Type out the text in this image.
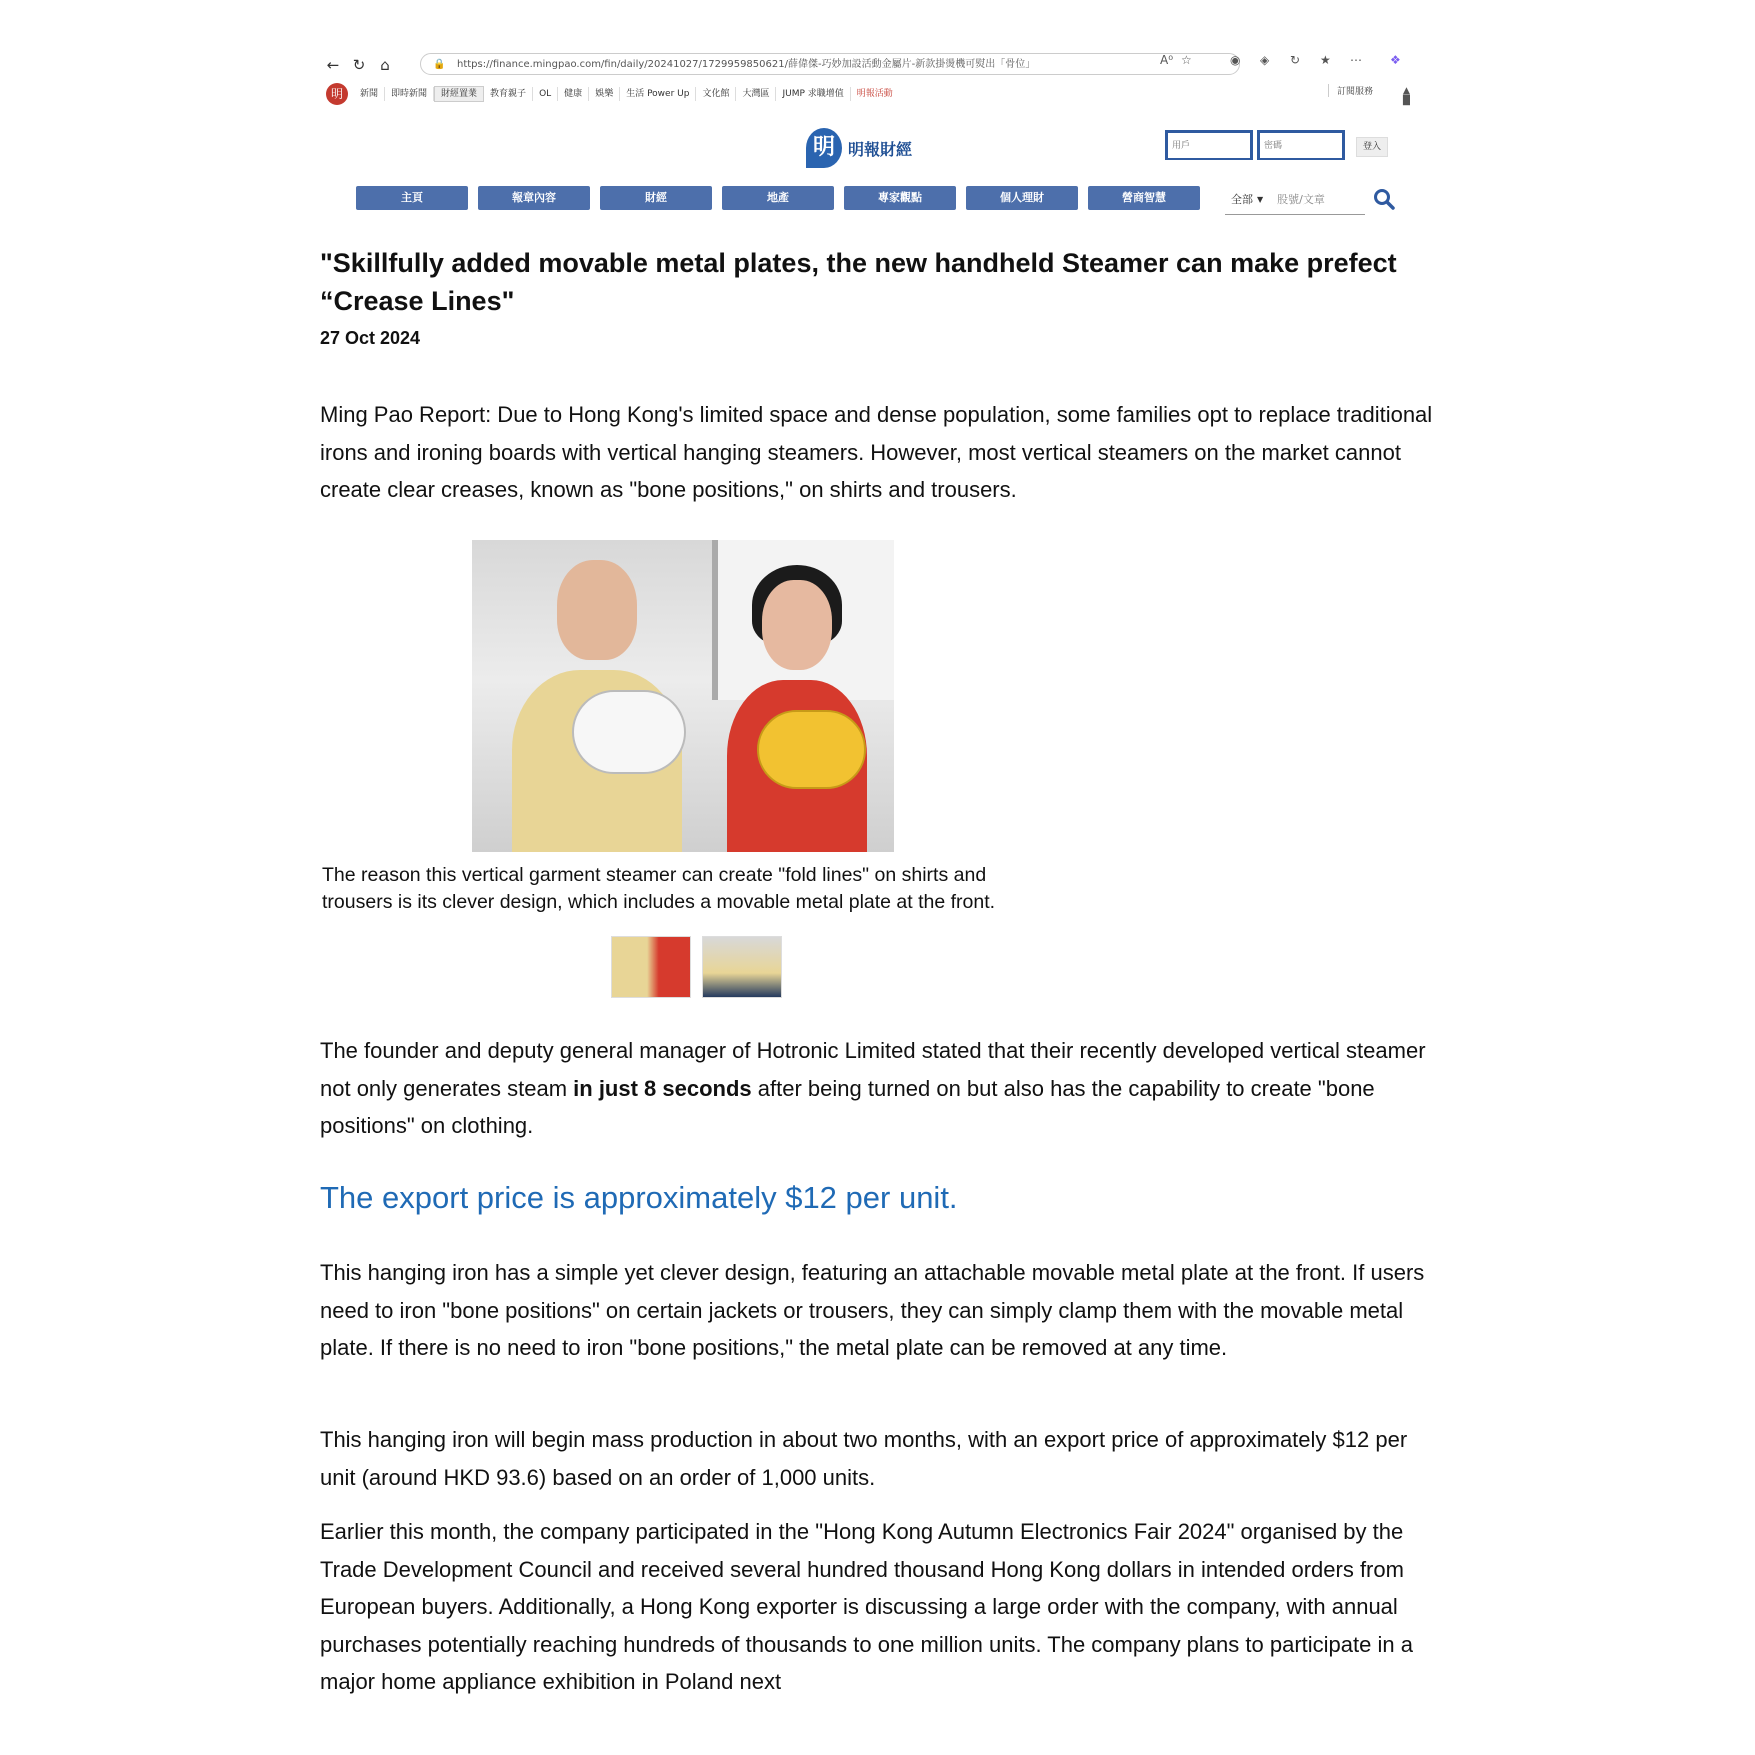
← ↻ ⌂	🔒 https://finance.mingpao.com/fin/daily/20241027/1729959850621/薛偉傑-巧妙加設活動金屬片-新款掛燙機可熨出「骨位」	A⁰ ☆	◉ ◈ ↻ ★ ⋯ ❖
明	新聞	即時新聞	財經置業	教育親子	OL	健康	娛樂	生活 Power Up	文化館	大灣區	JUMP 求職增值	明報活動	訂閱服務	▲
█
明 明報財經
用戶
密碼	登入
主頁	報章內容	財經	地產	專家觀點	個人理財	營商智慧	全部 ▼ 股號/文章
"Skillfully added movable metal plates, the new handheld Steamer can make prefect “Crease Lines"
27 Oct 2024

Ming Pao Report: Due to Hong Kong's limited space and dense population, some families opt to replace traditional irons and ironing boards with vertical hanging steamers. However, most vertical steamers on the market cannot create clear creases, known as "bone positions," on shirts and trousers.

The reason this vertical garment steamer can create "fold lines" on shirts and trousers is its clever design, which includes a movable metal plate at the front.

The founder and deputy general manager of Hotronic Limited stated that their recently developed vertical steamer not only generates steam in just 8 seconds after being turned on but also has the capability to create "bone positions" on clothing.

The export price is approximately $12 per unit.

This hanging iron has a simple yet clever design, featuring an attachable movable metal plate at the front. If users need to iron "bone positions" on certain jackets or trousers, they can simply clamp them with the movable metal plate. If there is no need to iron "bone positions," the metal plate can be removed at any time.

This hanging iron will begin mass production in about two months, with an export price of approximately $12 per unit (around HKD 93.6) based on an order of 1,000 units.

Earlier this month, the company participated in the "Hong Kong Autumn Electronics Fair 2024" organised by the Trade Development Council and received several hundred thousand Hong Kong dollars in intended orders from European buyers. Additionally, a Hong Kong exporter is discussing a large order with the company, with annual purchases potentially reaching hundreds of thousands to one million units. The company plans to participate in a major home appliance exhibition in Poland next
